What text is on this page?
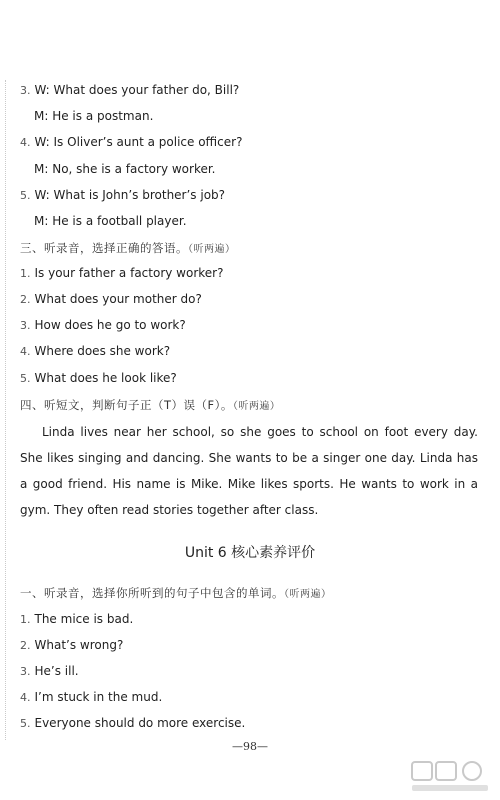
3. W: What does your father do, Bill?
M: He is a postman.
4. W: Is Oliver’s aunt a police officer?
M: No, she is a factory worker.
5. W: What is John’s brother’s job?
M: He is a football player.
三、听录音，选择正确的答语。（听两遍）
1. Is your father a factory worker?
2. What does your mother do?
3. How does he go to work?
4. Where does she work?
5. What does he look like?
四、听短文，判断句子正（T）误（F）。（听两遍）
Linda lives near her school, so she goes to school on foot every day. She likes singing and dancing. She wants to be a singer one day. Linda has a good friend. His name is Mike. Mike likes sports. He wants to work in a gym. They often read stories together after class.
Unit 6 核心素养评价
一、听录音，选择你所听到的句子中包含的单词。（听两遍）
1. The mice is bad.
2. What’s wrong?
3. He’s ill.
4. I’m stuck in the mud.
5. Everyone should do more exercise.
—98—
